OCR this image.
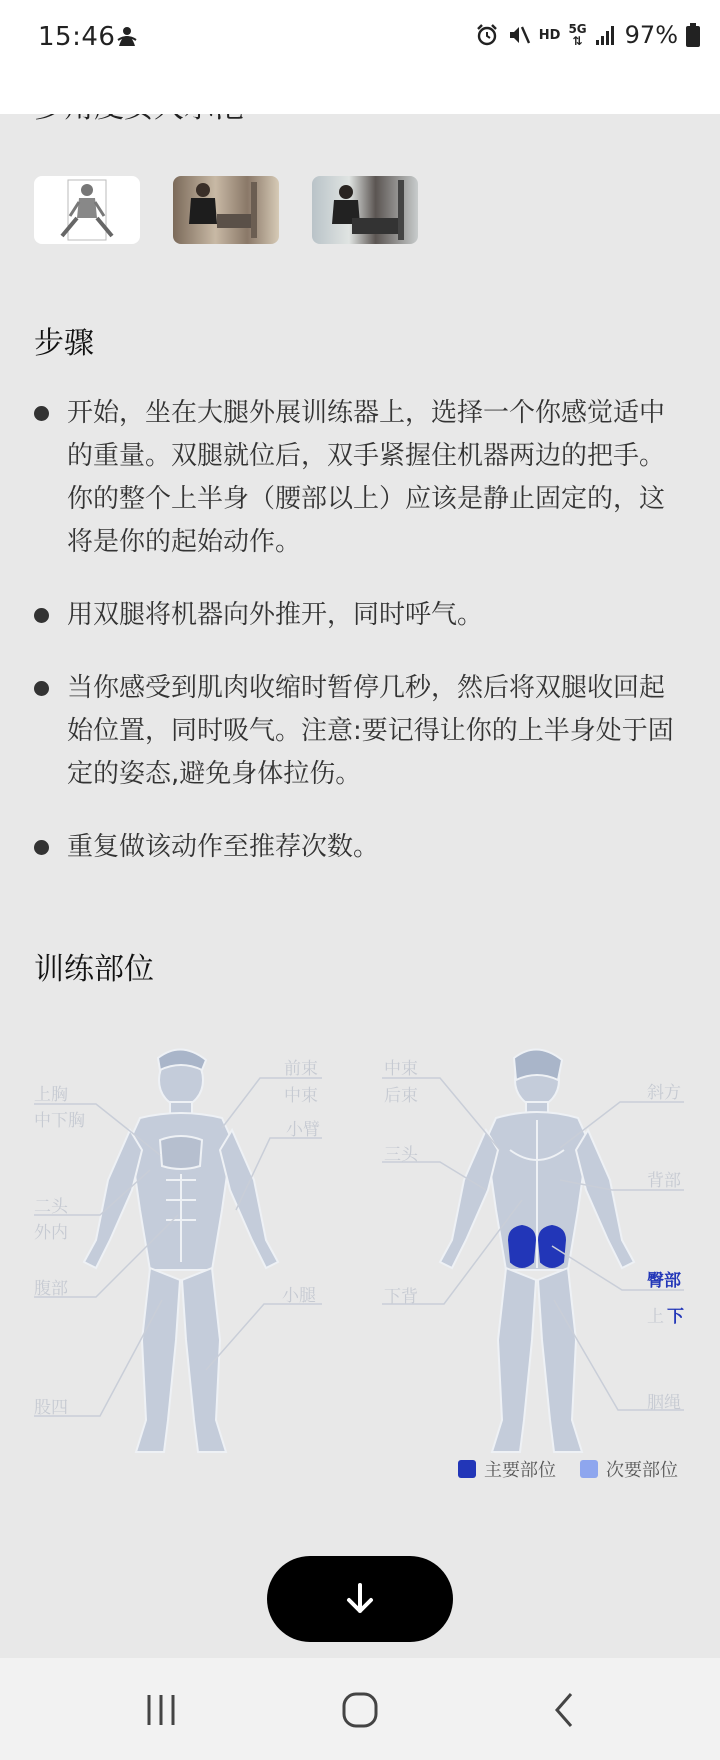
15:46	HD 5G
⇅ 97%
步骤
开始，坐在大腿外展训练器上，选择一个你感觉适中的重量。双腿就位后，双手紧握住机器两边的把手。你的整个上半身（腰部以上）应该是静止固定的，这将是你的起始动作。
用双腿将机器向外推开，同时呼气。
当你感受到肌肉收缩时暂停几秒，然后将双腿收回起始位置，同时吸气。注意:要记得让你的上半身处于固定的姿态,避免身体拉伤。
重复做该动作至推荐次数。
训练部位
上胸
中下胸
二头
外内
腹部
股四
前束
中束
小臂
小腿
中束
后束
三头
下背
斜方
背部
臀部
上 下
胭绳
主要部位	次要部位
